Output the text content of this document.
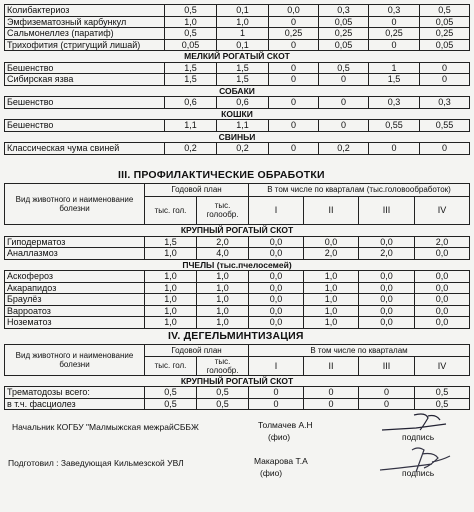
Колибактериоз	0,5	0,1	0,0	0,3	0,3	0,5
Эмфизематозный карбункул	1,0	1,0	0	0,05	0	0,05
Сальмонеллез (паратиф)	0,5	1	0,25	0,25	0,25	0,25
Трихофития (стригущий лишай)	0,05	0,1	0	0,05	0	0,05
МЕЛКИЙ РОГАТЫЙ СКОТ						
Бешенство	1,5	1,5	0	0,5	1	0
Сибирская язва	1,5	1,5	0	0	1,5	0
СОБАКИ						
Бешенство	0,6	0,6	0	0	0,3	0,3
КОШКИ						
Бешенство	1,1	1,1	0	0	0,55	0,55
СВИНЬИ						
Классическая чума свиней	0,2	0,2	0	0,2	0	0
III. ПРОФИЛАКТИЧЕСКИЕ ОБРАБОТКИ
Вид животного и наименование болезни	Годовой план		В том числе по кварталам (тыс.головообработок)			
	тыс. гол.	тыс. голообр.	I	II	III	IV
КРУПНЫЙ РОГАТЫЙ СКОТ						
Гиподерматоз	1,5	2,0	0,0	0,0	0,0	2,0
Аналлазмоз	1,0	4,0	0,0	2,0	2,0	0,0
ПЧЕЛЫ (тыс.пчелосемей)						
Аскофероз	1,0	1,0	0,0	1,0	0,0	0,0
Акарапидоз	1,0	1,0	0,0	1,0	0,0	0,0
Браулёз	1,0	1,0	0,0	1,0	0,0	0,0
Варроатоз	1,0	1,0	0,0	1,0	0,0	0,0
Нозематоз	1,0	1,0	0,0	1,0	0,0	0,0
IV. ДЕГЕЛЬМИНТИЗАЦИЯ
Вид животного и наименование болезни	Годовой план		В том числе по кварталам			
	тыс. гол.	тыс. голообр.	I	II	III	IV
КРУПНЫЙ РОГАТЫЙ СКОТ						
Трематодозы всего:	0,5	0,5	0	0	0	0,5
в т.ч. фасциолез	0,5	0,5	0	0	0	0,5
Начальник КОГБУ "Малмыжская межрайСББЖ	Толмачев А.Н
(фио)	подпись
Подготовил : Заведующая Кильмезской УВЛ	Макарова Т.А
(фио)	подпись
